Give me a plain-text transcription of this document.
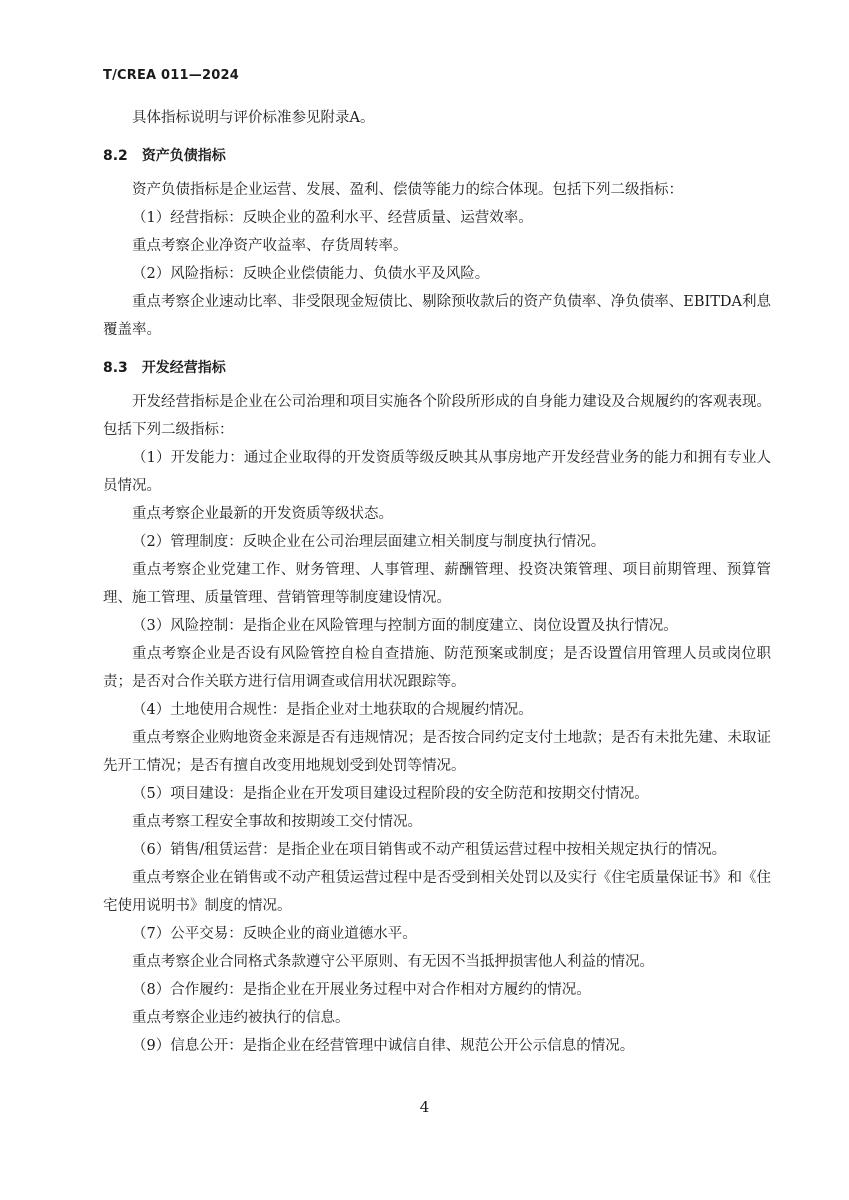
T/CREA 011—2024

具体指标说明与评价标准参见附录A。

8.2 资产负债指标

资产负债指标是企业运营、发展、盈利、偿债等能力的综合体现。包括下列二级指标：

（1）经营指标：反映企业的盈利水平、经营质量、运营效率。

重点考察企业净资产收益率、存货周转率。

（2）风险指标：反映企业偿债能力、负债水平及风险。

重点考察企业速动比率、非受限现金短债比、剔除预收款后的资产负债率、净负债率、EBITDA利息覆盖率。

8.3 开发经营指标

开发经营指标是企业在公司治理和项目实施各个阶段所形成的自身能力建设及合规履约的客观表现。包括下列二级指标：

（1）开发能力：通过企业取得的开发资质等级反映其从事房地产开发经营业务的能力和拥有专业人员情况。

重点考察企业最新的开发资质等级状态。

（2）管理制度：反映企业在公司治理层面建立相关制度与制度执行情况。

重点考察企业党建工作、财务管理、人事管理、薪酬管理、投资决策管理、项目前期管理、预算管理、施工管理、质量管理、营销管理等制度建设情况。

（3）风险控制：是指企业在风险管理与控制方面的制度建立、岗位设置及执行情况。

重点考察企业是否设有风险管控自检自查措施、防范预案或制度；是否设置信用管理人员或岗位职责；是否对合作关联方进行信用调查或信用状况跟踪等。

（4）土地使用合规性：是指企业对土地获取的合规履约情况。

重点考察企业购地资金来源是否有违规情况；是否按合同约定支付土地款；是否有未批先建、未取证先开工情况；是否有擅自改变用地规划受到处罚等情况。

（5）项目建设：是指企业在开发项目建设过程阶段的安全防范和按期交付情况。

重点考察工程安全事故和按期竣工交付情况。

（6）销售/租赁运营：是指企业在项目销售或不动产租赁运营过程中按相关规定执行的情况。

重点考察企业在销售或不动产租赁运营过程中是否受到相关处罚以及实行《住宅质量保证书》和《住宅使用说明书》制度的情况。

（7）公平交易：反映企业的商业道德水平。

重点考察企业合同格式条款遵守公平原则、有无因不当抵押损害他人利益的情况。

（8）合作履约：是指企业在开展业务过程中对合作相对方履约的情况。

重点考察企业违约被执行的信息。

（9）信息公开：是指企业在经营管理中诚信自律、规范公开公示信息的情况。

4
